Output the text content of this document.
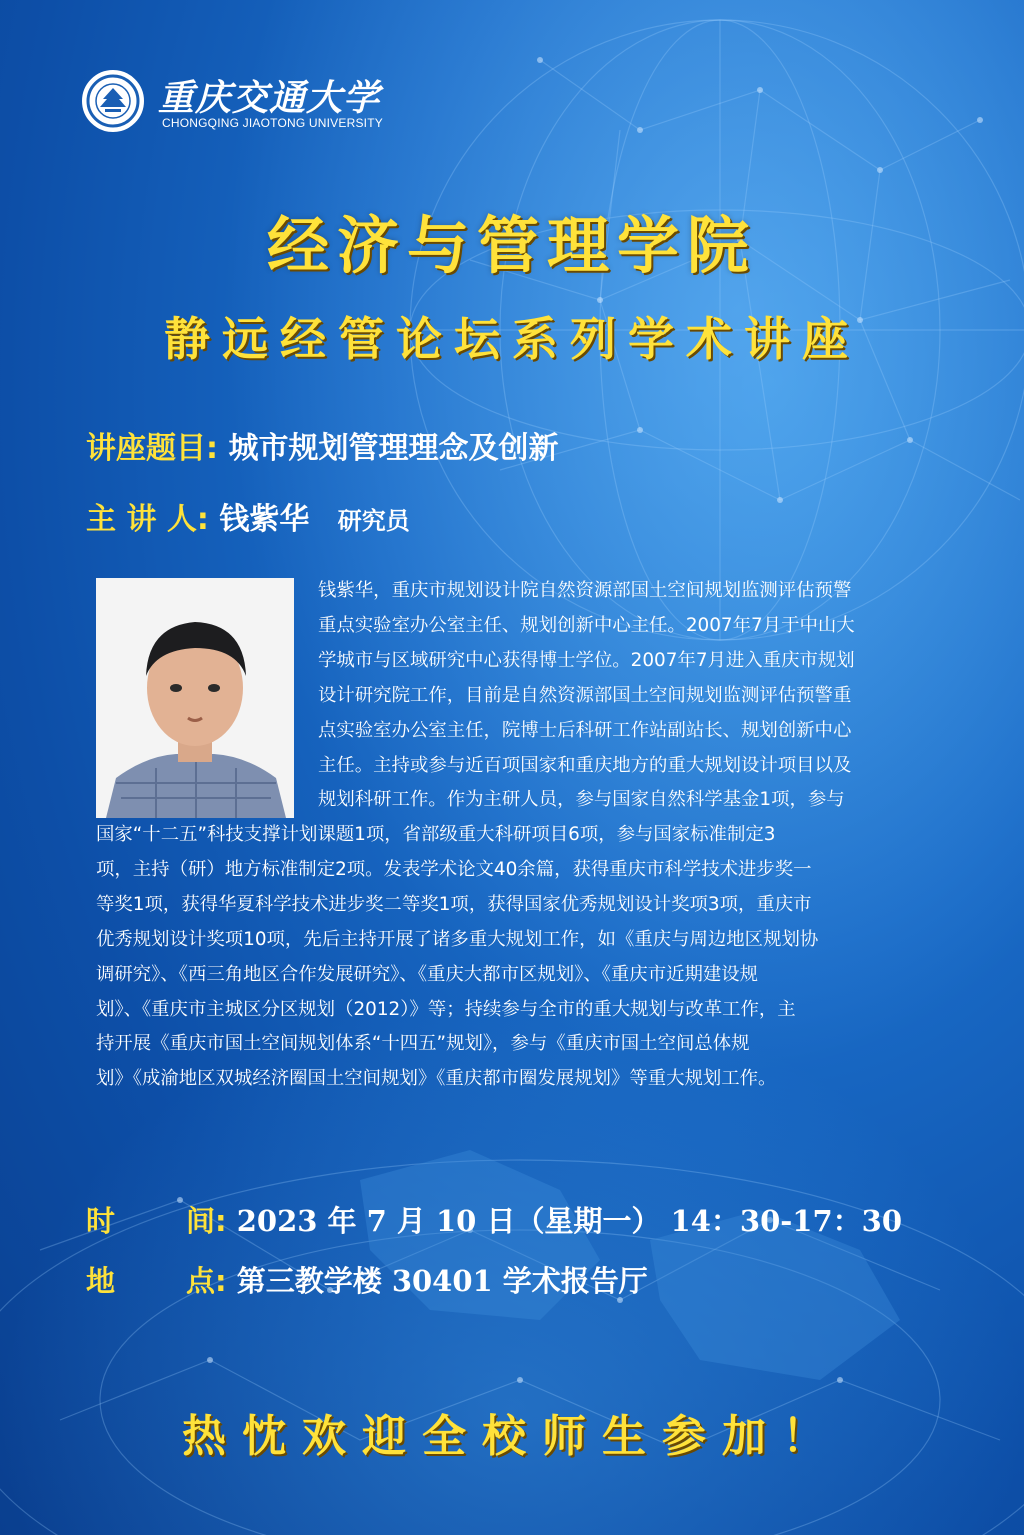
重庆交通大学
CHONGQING JIAOTONG UNIVERSITY
经济与管理学院
静远经管论坛系列学术讲座
讲座题目: 城市规划管理理念及创新
主 讲 人: 钱紫华 研究员
钱紫华，重庆市规划设计院自然资源部国土空间规划监测评估预警
重点实验室办公室主任、规划创新中心主任。2007年7月于中山大
学城市与区域研究中心获得博士学位。2007年7月进入重庆市规划
设计研究院工作，目前是自然资源部国土空间规划监测评估预警重
点实验室办公室主任，院博士后科研工作站副站长、规划创新中心
主任。主持或参与近百项国家和重庆地方的重大规划设计项目以及
规划科研工作。作为主研人员，参与国家自然科学基金1项，参与
国家“十二五”科技支撑计划课题1项，省部级重大科研项目6项，参与国家标准制定3
项，主持（研）地方标准制定2项。发表学术论文40余篇，获得重庆市科学技术进步奖一
等奖1项，获得华夏科学技术进步奖二等奖1项，获得国家优秀规划设计奖项3项，重庆市
优秀规划设计奖项10项，先后主持开展了诸多重大规划工作，如《重庆与周边地区规划协
调研究》、《西三角地区合作发展研究》、《重庆大都市区规划》、《重庆市近期建设规
划》、《重庆市主城区分区规划（2012）》等；持续参与全市的重大规划与改革工作，主
持开展《重庆市国土空间规划体系“十四五”规划》，参与《重庆市国土空间总体规
划》《成渝地区双城经济圈国土空间规划》《重庆都市圈发展规划》等重大规划工作。
时 间: 2023 年 7 月 10 日（星期一） 14：30-17：30
地 点: 第三教学楼 30401 学术报告厅
热忱欢迎全校师生参加！
